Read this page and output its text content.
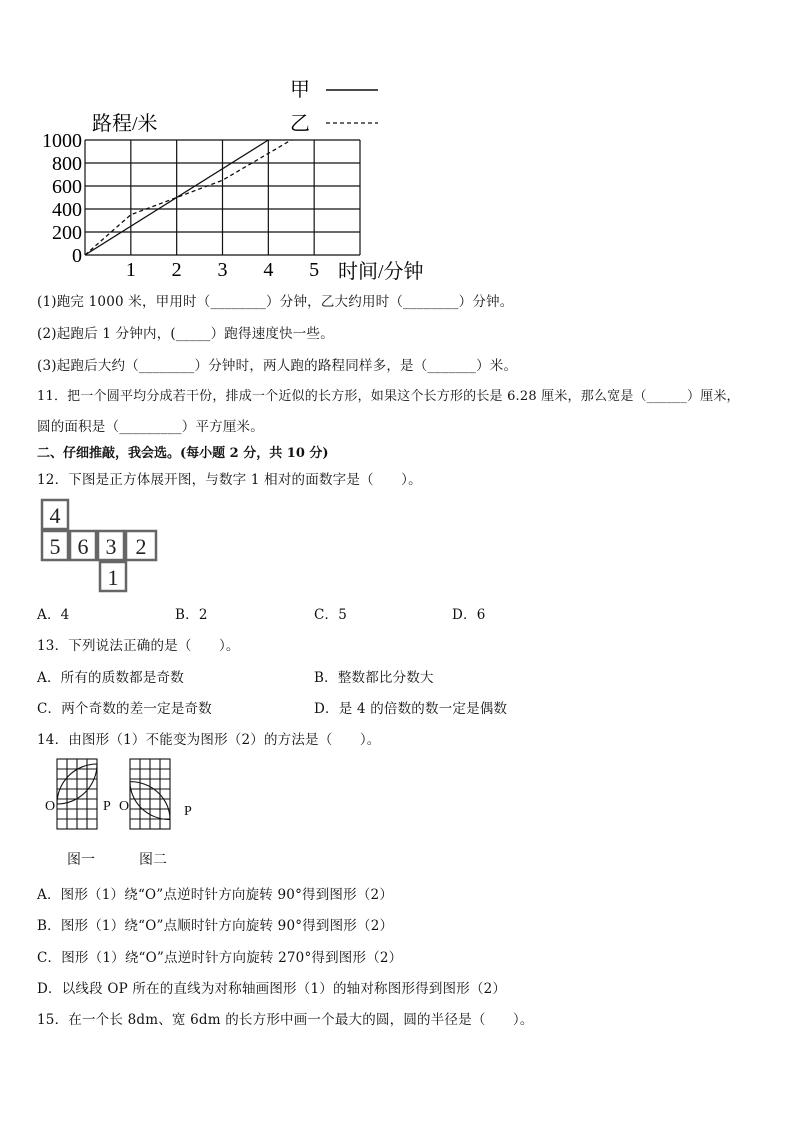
甲
乙
路程/米
0
200
400
600
800
1000
1 2 3 4 5 时间/分钟
(1)跑完 1000 米，甲用时（________）分钟，乙大约用时（________）分钟。
(2)起跑后 1 分钟内，(_____）跑得速度快一些。
(3)起跑后大约（________）分钟时，两人跑的路程同样多，是（_______）米。
11．把一个圆平均分成若干份，排成一个近似的长方形，如果这个长方形的长是 6.28 厘米，那么宽是（______）厘米，
圆的面积是（_________）平方厘米。
二、仔细推敲，我会选。(每小题 2 分，共 10 分)
12．下图是正方体展开图，与数字 1 相对的面数字是（　　）。
4
5 6 3 2
1
A．4	B．2	C．5	D．6
13．下列说法正确的是（　　）。
A．所有的质数都是奇数	B．整数都比分数大
C．两个奇数的差一定是奇数	D．是 4 的倍数的数一定是偶数
14．由图形（1）不能变为图形（2）的方法是（　　）。
O	P O	P
图一	图二
A．图形（1）绕“O”点逆时针方向旋转 90°得到图形（2）
B．图形（1）绕“O”点顺时针方向旋转 90°得到图形（2）
C．图形（1）绕“O”点逆时针方向旋转 270°得到图形（2）
D．以线段 OP 所在的直线为对称轴画图形（1）的轴对称图形得到图形（2）
15．在一个长 8dm、宽 6dm 的长方形中画一个最大的圆，圆的半径是（　　）。
